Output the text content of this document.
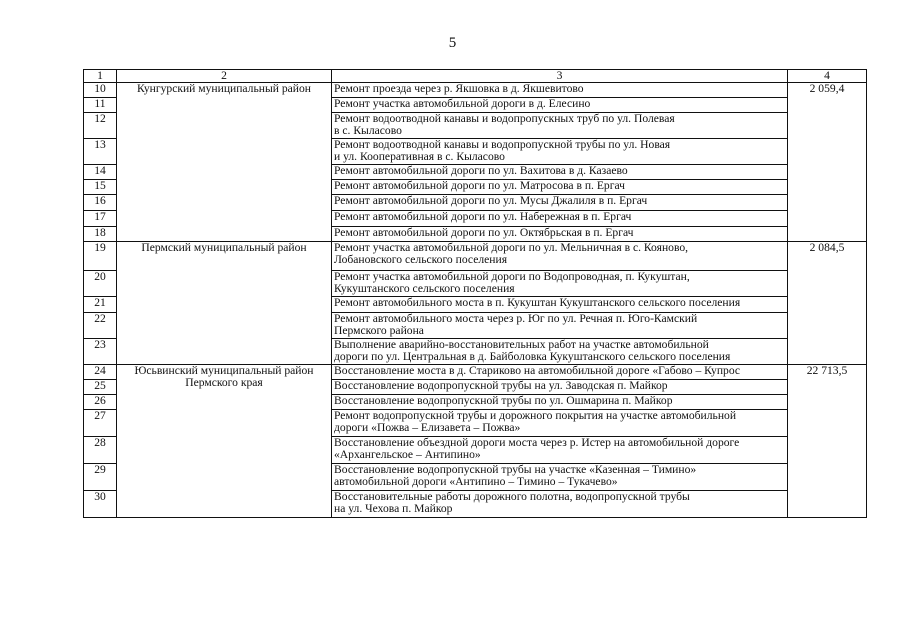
5
1	2	3	4
10	Кунгурский муниципальный район	Ремонт проезда через р. Якшовка в д. Якшевитово	2 059,4
11		Ремонт участка автомобильной дороги в д. Елесино	
12		Ремонт водоотводной канавы и водопропускных труб по ул. Полевая
в с. Кыласово	
13		Ремонт водоотводной канавы и водопропускной трубы по ул. Новая
и ул. Кооперативная в с. Кыласово	
14		Ремонт автомобильной дороги по ул. Вахитова в д. Казаево	
15		Ремонт автомобильной дороги по ул. Матросова в п. Ергач	
16		Ремонт автомобильной дороги по ул. Мусы Джалиля в п. Ергач	
17		Ремонт автомобильной дороги по ул. Набережная в п. Ергач	
18		Ремонт автомобильной дороги по ул. Октябрьская в п. Ергач	
19	Пермский муниципальный район	Ремонт участка автомобильной дороги по ул. Мельничная в с. Кояново,
Лобановского сельского поселения	2 084,5
20		Ремонт участка автомобильной дороги по Водопроводная, п. Кукуштан,
Кукуштанского сельского поселения	
21		Ремонт автомобильного моста в п. Кукуштан Кукуштанского сельского поселения	
22		Ремонт автомобильного моста через р. Юг по ул. Речная п. Юго-Камский
Пермского района	
23		Выполнение аварийно-восстановительных работ на участке автомобильной
дороги по ул. Центральная в д. Байболовка Кукуштанского сельского поселения	
24	Юсьвинский муниципальный район
Пермского края	Восстановление моста в д. Стариково на автомобильной дороге «Габово – Купрос	22 713,5
25		Восстановление водопропускной трубы на ул. Заводская п. Майкор	
26		Восстановление водопропускной трубы по ул. Ошмарина п. Майкор	
27		Ремонт водопропускной трубы и дорожного покрытия на участке автомобильной
дороги «Пожва – Елизавета – Пожва»	
28		Восстановление объездной дороги моста через р. Истер на автомобильной дороге
«Архангельское – Антипино»	
29		Восстановление водопропускной трубы на участке «Казенная – Тимино»
автомобильной дороги «Антипино – Тимино – Тукачево»	
30		Восстановительные работы дорожного полотна, водопропускной трубы
на ул. Чехова п. Майкор	
